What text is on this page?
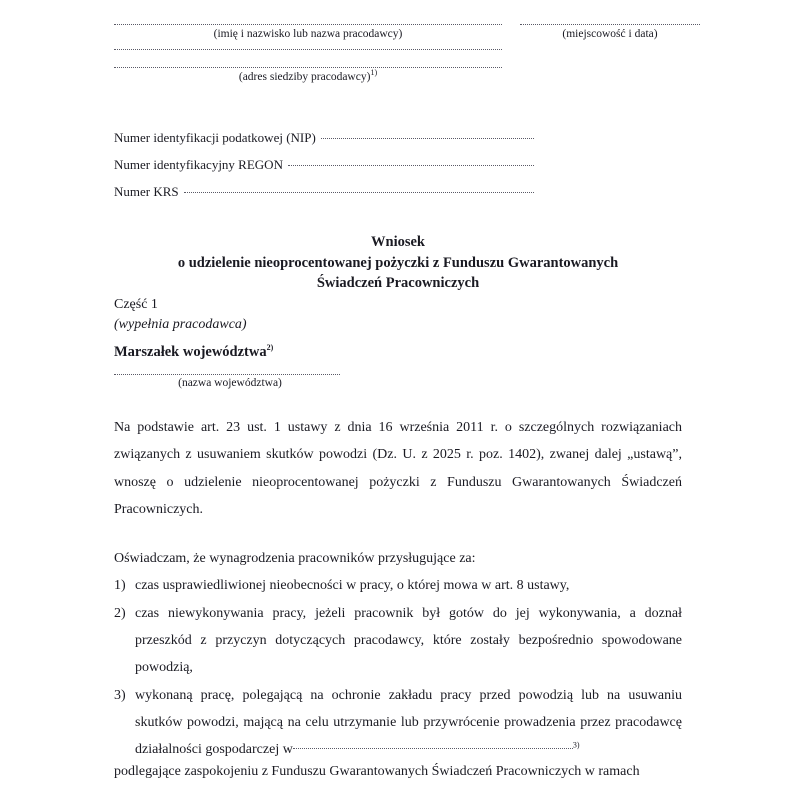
(miejscowość i data)
(imię i nazwisko lub nazwa pracodawcy)
(adres siedziby pracodawcy)$^{1)}$
Numer identyfikacji podatkowej (NIP)
Numer identyfikacyjny REGON
Numer KRS
Wniosek
o udzielenie nieoprocentowanej pożyczki z Funduszu Gwarantowanych
Świadczeń Pracowniczych
Część 1
(wypełnia pracodawca)
Marszałek województwa$^{2)}$
(nazwa województwa)

Na podstawie art. 23 ust. 1 ustawy z dnia 16 września 2011 r. o szczególnych rozwiązaniach związanych z usuwaniem skutków powodzi (Dz. U. z 2025 r. poz. 1402), zwanej dalej „ustawą”, wnoszę o udzielenie nieoprocentowanej pożyczki z Funduszu Gwarantowanych Świadczeń Pracowniczych.

Oświadczam, że wynagrodzenia pracowników przysługujące za:

1) czas usprawiedliwionej nieobecności w pracy, o której mowa w art. 8 ustawy,
2) czas niewykonywania pracy, jeżeli pracownik był gotów do jej wykonywania, a doznał przeszkód z przyczyn dotyczących pracodawcy, które zostały bezpośrednio spowodowane powodzią,
3) wykonaną pracę, polegającą na ochronie zakładu pracy przed powodzią lub na usuwaniu skutków powodzi, mającą na celu utrzymanie lub przywrócenie prowadzenia przez pracodawcę działalności gospodarczej w	$^{3)}$

podlegające zaspokojeniu z Funduszu Gwarantowanych Świadczeń Pracowniczych w ramach
